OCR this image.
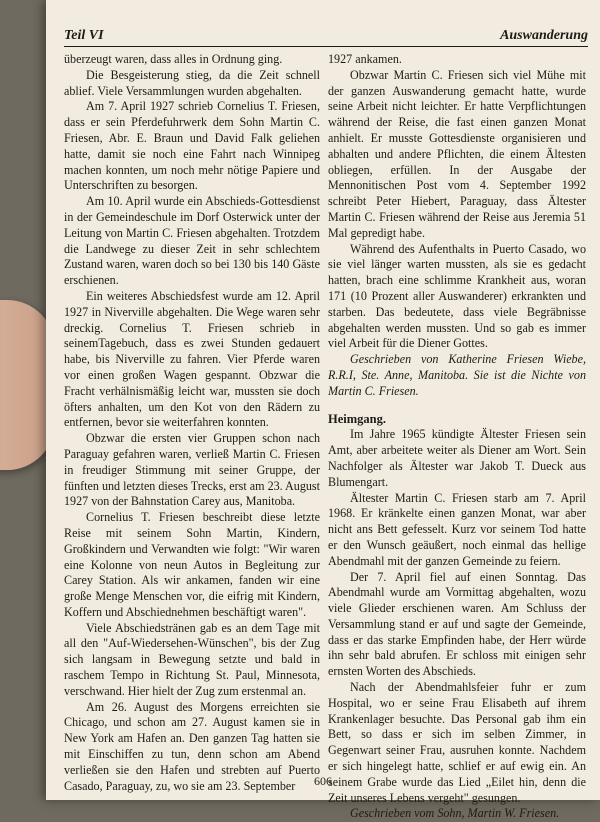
Teil VI	Auswanderung

überzeugt waren, dass alles in Ordnung ging.

Die Besgeisterung stieg, da die Zeit schnell ablief. Viele Versammlungen wurden abgehalten.

Am 7. April 1927 schrieb Cornelius T. Friesen, dass er sein Pferdefuhrwerk dem Sohn Martin C. Friesen, Abr. E. Braun und David Falk geliehen hatte, damit sie noch eine Fahrt nach Winnipeg machen konnten, um noch mehr nötige Papiere und Unterschriften zu besorgen.

Am 10. April wurde ein Abschieds-Gottesdienst in der Gemeindeschule im Dorf Osterwick unter der Leitung von Martin C. Friesen abgehalten. Trotzdem die Landwege zu dieser Zeit in sehr schlechtem Zustand waren, waren doch so bei 130 bis 140 Gäste erschienen.

Ein weiteres Abschiedsfest wurde am 12. April 1927 in Niverville abgehalten. Die Wege waren sehr dreckig. Cornelius T. Friesen schrieb in seinemTagebuch, dass es zwei Stunden gedauert habe, bis Niverville zu fahren. Vier Pferde waren vor einen großen Wagen gespannt. Obzwar die Fracht verhälnismäßig leicht war, mussten sie doch öfters anhalten, um den Kot von den Rädern zu entfernen, bevor sie weiterfahren konnten.

Obzwar die ersten vier Gruppen schon nach Paraguay gefahren waren, verließ Martin C. Friesen in freudiger Stimmung mit seiner Gruppe, der fünften und letzten dieses Trecks, erst am 23. August 1927 von der Bahnstation Carey aus, Manitoba.

Cornelius T. Friesen beschreibt diese letzte Reise mit seinem Sohn Martin, Kindern, Großkindern und Verwandten wie folgt: "Wir waren eine Kolonne von neun Autos in Begleitung zur Carey Station. Als wir ankamen, fanden wir eine große Menge Menschen vor, die eifrig mit Kindern, Koffern und Abschiednehmen beschäftigt waren".

Viele Abschiedstränen gab es an dem Tage mit all den "Auf-Wiedersehen-Wünschen", bis der Zug sich langsam in Bewegung setzte und bald in raschem Tempo in Richtung St. Paul, Minnesota, verschwand. Hier hielt der Zug zum erstenmal an.

Am 26. August des Morgens erreichten sie Chicago, und schon am 27. August kamen sie in New York am Hafen an. Den ganzen Tag hatten sie mit Einschiffen zu tun, denn schon am Abend verließen sie den Hafen und strebten auf Puerto Casado, Paraguay, zu, wo sie am 23. September

1927 ankamen.

Obzwar Martin C. Friesen sich viel Mühe mit der ganzen Auswanderung gemacht hatte, wurde seine Arbeit nicht leichter. Er hatte Verpflichtungen während der Reise, die fast einen ganzen Monat anhielt. Er musste Gottesdienste organisieren und abhalten und andere Pflichten, die einem Ältesten obliegen, erfüllen. In der Ausgabe der Mennonitischen Post vom 4. September 1992 schreibt Peter Hiebert, Paraguay, dass Ältester Martin C. Friesen während der Reise aus Jeremia 51 Mal gepredigt habe.

Während des Aufenthalts in Puerto Casado, wo sie viel länger warten mussten, als sie es gedacht hatten, brach eine schlimme Krankheit aus, woran 171 (10 Prozent aller Auswanderer) erkrankten und starben. Das bedeutete, dass viele Begräbnisse abgehalten werden mussten. Und so gab es immer viel Arbeit für die Diener Gottes.

Geschrieben von Katherine Friesen Wiebe, R.R.I, Ste. Anne, Manitoba. Sie ist die Nichte von Martin C. Friesen.

Heimgang.

Im Jahre 1965 kündigte Ältester Friesen sein Amt, aber arbeitete weiter als Diener am Wort. Sein Nachfolger als Ältester war Jakob T. Dueck aus Blumengart.

Ältester Martin C. Friesen starb am 7. April 1968. Er kränkelte einen ganzen Monat, war aber nicht ans Bett gefesselt. Kurz vor seinem Tod hatte er den Wunsch geäußert, noch einmal das hellige Abendmahl mit der ganzen Gemeinde zu feiern.

Der 7. April fiel auf einen Sonntag. Das Abendmahl wurde am Vormittag abgehalten, wozu viele Glieder erschienen waren. Am Schluss der Versammlung stand er auf und sagte der Gemeinde, dass er das starke Empfinden habe, der Herr würde ihn sehr bald abrufen. Er schloss mit einigen sehr ernsten Worten des Abschieds.

Nach der Abendmahlsfeier fuhr er zum Hospital, wo er seine Frau Elisabeth auf ihrem Krankenlager besuchte. Das Personal gab ihm ein Bett, so dass er sich im selben Zimmer, in Gegenwart seiner Frau, ausruhen konnte. Nachdem er sich hingelegt hatte, schlief er auf ewig ein. An seinem Grabe wurde das Lied „Eilet hin, denn die Zeit unseres Lebens vergeht" gesungen.

Geschrieben vom Sohn, Martin W. Friesen.

606
